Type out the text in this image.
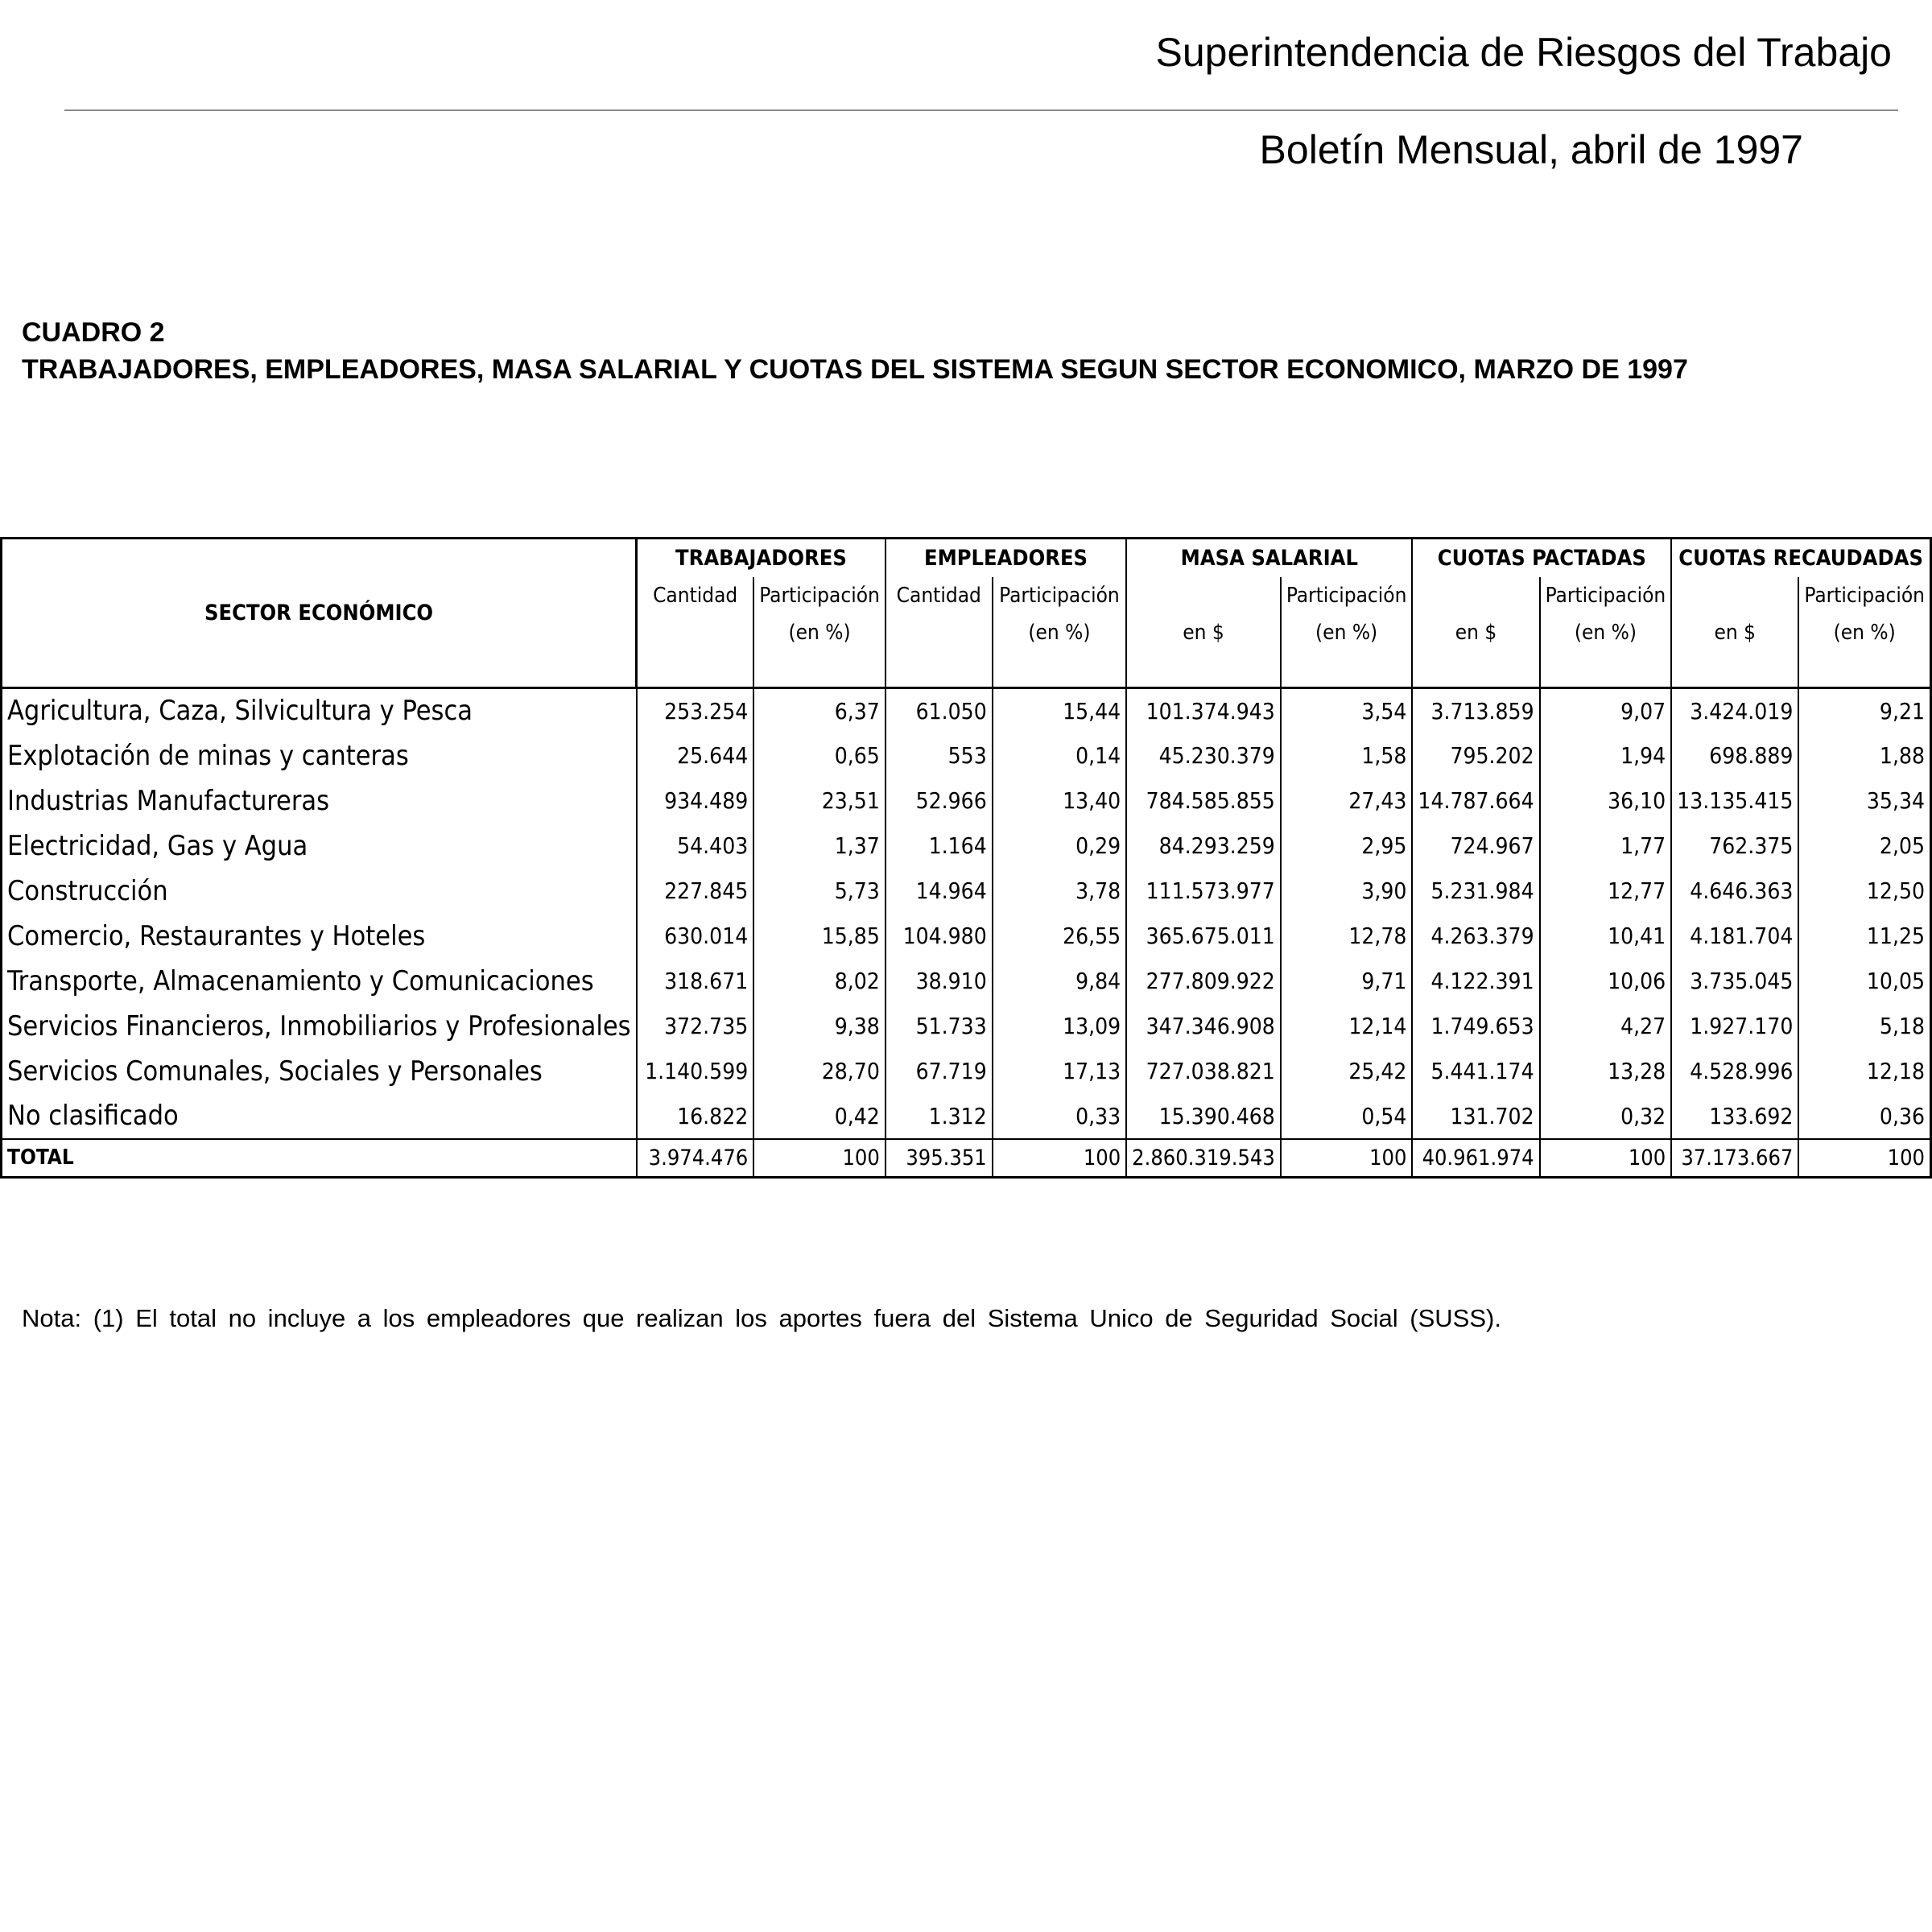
Superintendencia de Riesgos del Trabajo
Boletín Mensual, abril de 1997
CUADRO 2
TRABAJADORES, EMPLEADORES, MASA SALARIAL Y CUOTAS DEL SISTEMA SEGUN SECTOR ECONOMICO, MARZO DE 1997
SECTOR ECONÓMICO	TRABAJADORES		EMPLEADORES		MASA SALARIAL		CUOTAS PACTADAS		CUOTAS RECAUDADAS	
	Cantidad	Participación	Cantidad	Participación		Participación		Participación		Participación
		(en %)		(en %)	en $	(en %)	en $	(en %)	en $	(en %)

Agricultura, Caza, Silvicultura y Pesca	253.254	6,37	61.050	15,44	101.374.943	3,54	3.713.859	9,07	3.424.019	9,21
Explotación de minas y canteras	25.644	0,65	553	0,14	45.230.379	1,58	795.202	1,94	698.889	1,88
Industrias Manufactureras	934.489	23,51	52.966	13,40	784.585.855	27,43	14.787.664	36,10	13.135.415	35,34
Electricidad, Gas y Agua	54.403	1,37	1.164	0,29	84.293.259	2,95	724.967	1,77	762.375	2,05
Construcción	227.845	5,73	14.964	3,78	111.573.977	3,90	5.231.984	12,77	4.646.363	12,50
Comercio, Restaurantes y Hoteles	630.014	15,85	104.980	26,55	365.675.011	12,78	4.263.379	10,41	4.181.704	11,25
Transporte, Almacenamiento y Comunicaciones	318.671	8,02	38.910	9,84	277.809.922	9,71	4.122.391	10,06	3.735.045	10,05
Servicios Financieros, Inmobiliarios y Profesionales	372.735	9,38	51.733	13,09	347.346.908	12,14	1.749.653	4,27	1.927.170	5,18
Servicios Comunales, Sociales y Personales	1.140.599	28,70	67.719	17,13	727.038.821	25,42	5.441.174	13,28	4.528.996	12,18
No clasificado	16.822	0,42	1.312	0,33	15.390.468	0,54	131.702	0,32	133.692	0,36
TOTAL	3.974.476	100	395.351	100	2.860.319.543	100	40.961.974	100	37.173.667	100
Nota: (1) El total no incluye a los empleadores que realizan los aportes fuera del Sistema Unico de Seguridad Social (SUSS).
